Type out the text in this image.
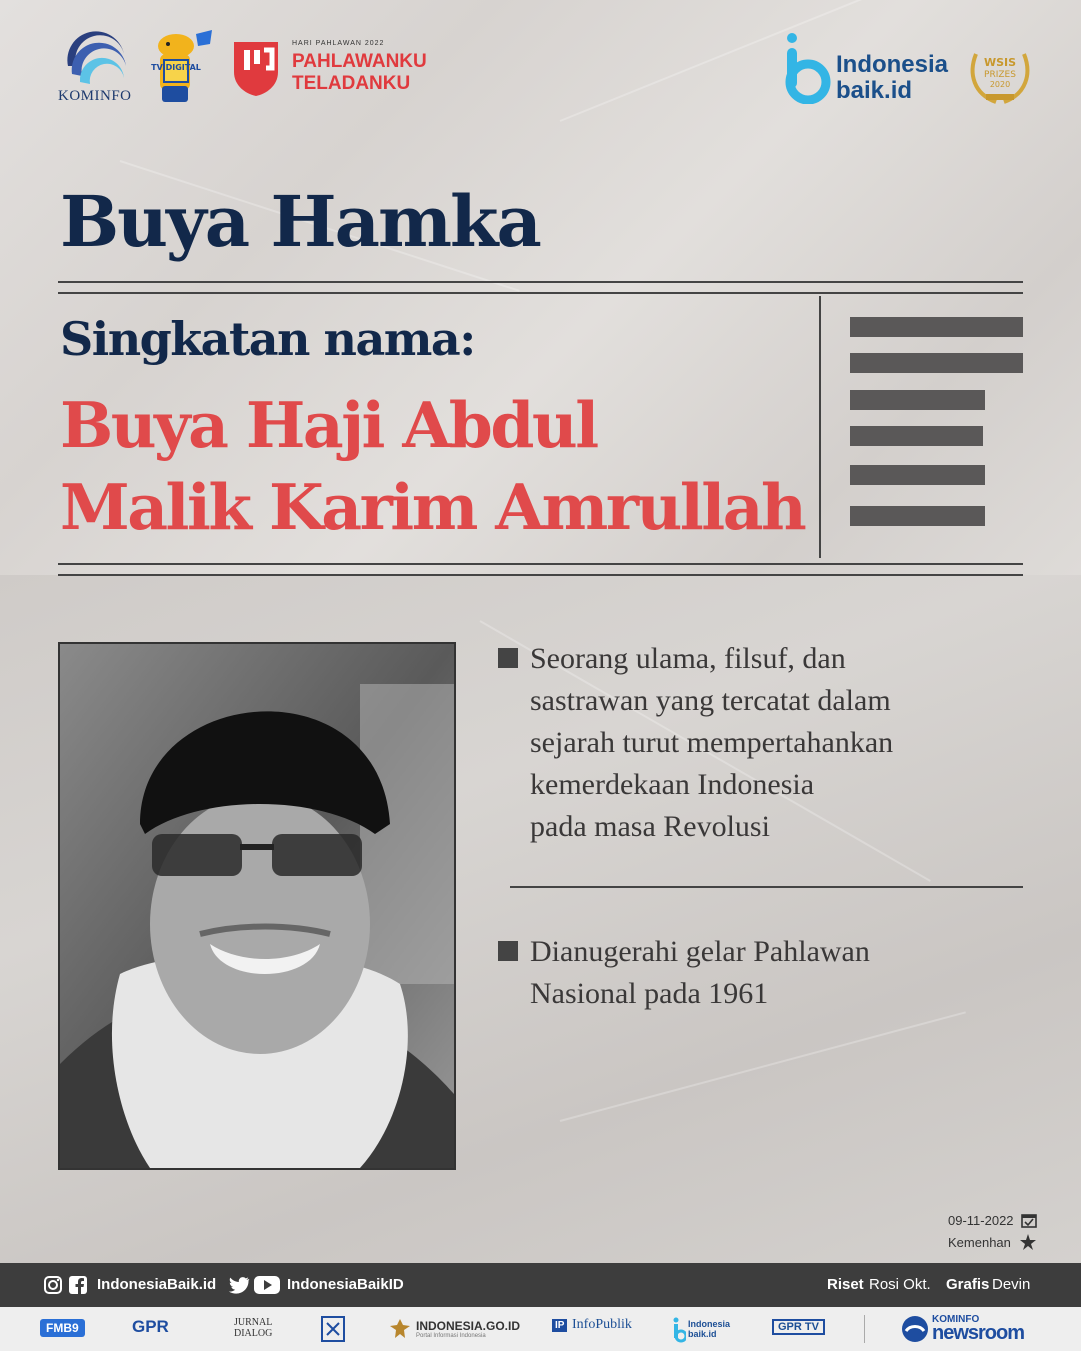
KOMINFO
TV DIGITAL
HARI PAHLAWAN 2022
PAHLAWANKU
TELADANKU
Indonesia
baik.id
WSIS
PRIZES
2020
Buya Hamka
Singkatan nama:
Buya Haji Abdul
Malik Karim Amrullah
Seorang ulama, filsuf, dan
sastrawan yang tercatat dalam
sejarah turut mempertahankan
kemerdekaan Indonesia
pada masa Revolusi
Dianugerahi gelar Pahlawan
Nasional pada 1961
09-11-2022
Kemenhan
IndonesiaBaik.id	IndonesiaBaikID	Riset Rosi Okt. Grafis Devin
FMB9	GPR	JURNAL
DIALOG
INDONESIA.GO.ID
Portal Informasi Indonesia
IP InfoPublik	Indonesia
baik.id
GPR TV
KOMINFO
newsroom
